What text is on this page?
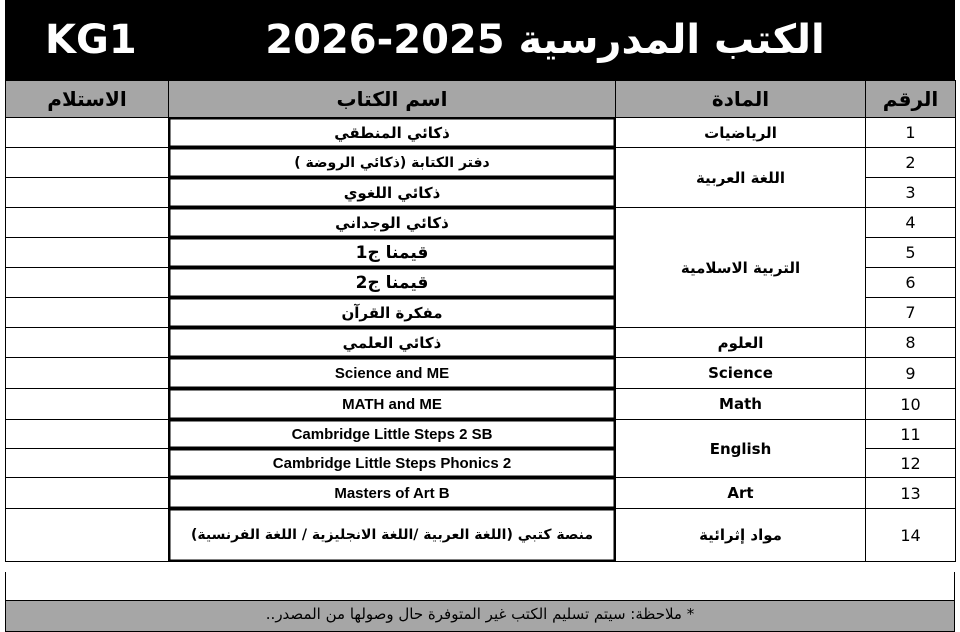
KG1	الكتب المدرسية 2025-2026
الرقم	المادة	اسم الكتاب	الاستلام
1	الرياضيات	ذكائي المنطقي	
2	اللغة العربية	دفتر الكتابة (ذكائي الروضة )	
3		ذكائي اللغوي	
4	التربية الاسلامية	ذكائي الوجداني	
5		قيمنا ج1	
6		قيمنا ج2	
7		مفكرة القرآن	
8	العلوم	ذكائي العلمي	
9	Science	Science and ME	
10	Math	MATH and ME	
11	English	Cambridge Little Steps 2 SB	
12		Cambridge Little Steps Phonics 2	
13	Art	Masters of Art B	
14	مواد إثرائية	منصة كتبي (اللغة العربية /اللغة الانجليزية / اللغة الفرنسية)	
* ملاحظة: سيتم تسليم الكتب غير المتوفرة حال وصولها من المصدر..
